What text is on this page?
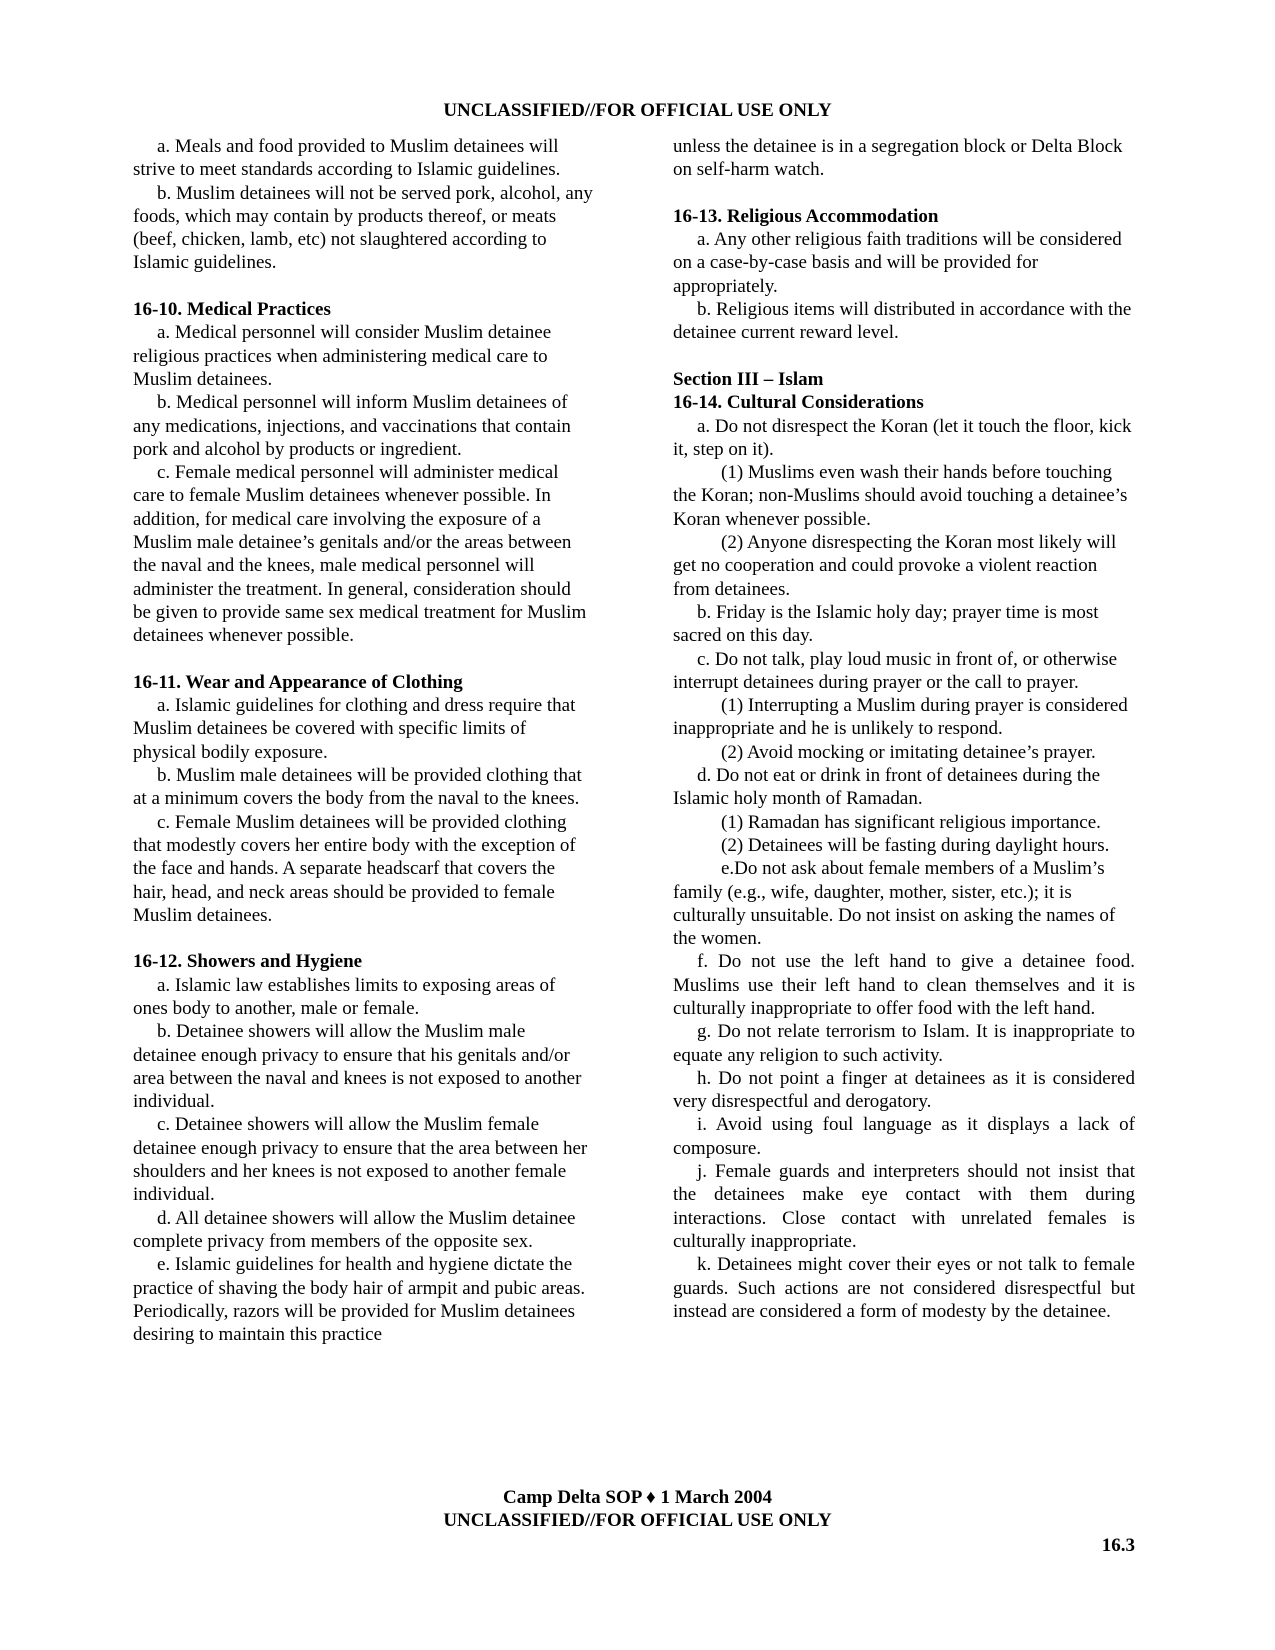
UNCLASSIFIED//FOR OFFICIAL USE ONLY

a. Meals and food provided to Muslim detainees will strive to meet standards according to Islamic guidelines.

b. Muslim detainees will not be served pork, alcohol, any foods, which may contain by products thereof, or meats (beef, chicken, lamb, etc) not slaughtered according to Islamic guidelines.

16-10. Medical Practices

a. Medical personnel will consider Muslim detainee religious practices when administering medical care to Muslim detainees.

b. Medical personnel will inform Muslim detainees of any medications, injections, and vaccinations that contain pork and alcohol by products or ingredient.

c. Female medical personnel will administer medical care to female Muslim detainees whenever possible. In addition, for medical care involving the exposure of a Muslim male detainee’s genitals and/or the areas between the naval and the knees, male medical personnel will administer the treatment. In general, consideration should be given to provide same sex medical treatment for Muslim detainees whenever possible.

16-11. Wear and Appearance of Clothing

a. Islamic guidelines for clothing and dress require that Muslim detainees be covered with specific limits of physical bodily exposure.

b. Muslim male detainees will be provided clothing that at a minimum covers the body from the naval to the knees.

c. Female Muslim detainees will be provided clothing that modestly covers her entire body with the exception of the face and hands. A separate headscarf that covers the hair, head, and neck areas should be provided to female Muslim detainees.

16-12. Showers and Hygiene

a. Islamic law establishes limits to exposing areas of ones body to another, male or female.

b. Detainee showers will allow the Muslim male detainee enough privacy to ensure that his genitals and/or area between the naval and knees is not exposed to another individual.

c. Detainee showers will allow the Muslim female detainee enough privacy to ensure that the area between her shoulders and her knees is not exposed to another female individual.

d. All detainee showers will allow the Muslim detainee complete privacy from members of the opposite sex.

e. Islamic guidelines for health and hygiene dictate the practice of shaving the body hair of armpit and pubic areas. Periodically, razors will be provided for Muslim detainees desiring to maintain this practice

unless the detainee is in a segregation block or Delta Block on self-harm watch.

16-13. Religious Accommodation

a. Any other religious faith traditions will be considered on a case-by-case basis and will be provided for appropriately.

b. Religious items will distributed in accordance with the detainee current reward level.

Section III – Islam

16-14. Cultural Considerations

a. Do not disrespect the Koran (let it touch the floor, kick it, step on it).

(1) Muslims even wash their hands before touching the Koran; non-Muslims should avoid touching a detainee’s Koran whenever possible.

(2) Anyone disrespecting the Koran most likely will get no cooperation and could provoke a violent reaction from detainees.

b. Friday is the Islamic holy day; prayer time is most sacred on this day.

c. Do not talk, play loud music in front of, or otherwise interrupt detainees during prayer or the call to prayer.

(1) Interrupting a Muslim during prayer is considered inappropriate and he is unlikely to respond.

(2) Avoid mocking or imitating detainee’s prayer.

d. Do not eat or drink in front of detainees during the Islamic holy month of Ramadan.

(1) Ramadan has significant religious importance.

(2) Detainees will be fasting during daylight hours.

e.Do not ask about female members of a Muslim’s family (e.g., wife, daughter, mother, sister, etc.); it is culturally unsuitable. Do not insist on asking the names of the women.

f. Do not use the left hand to give a detainee food. Muslims use their left hand to clean themselves and it is culturally inappropriate to offer food with the left hand.

g. Do not relate terrorism to Islam. It is inappropriate to equate any religion to such activity.

h. Do not point a finger at detainees as it is considered very disrespectful and derogatory.

i. Avoid using foul language as it displays a lack of composure.

j. Female guards and interpreters should not insist that the detainees make eye contact with them during interactions. Close contact with unrelated females is culturally inappropriate.

k. Detainees might cover their eyes or not talk to female guards. Such actions are not considered disrespectful but instead are considered a form of modesty by the detainee.

Camp Delta SOP ♦ 1 March 2004
UNCLASSIFIED//FOR OFFICIAL USE ONLY
16.3
